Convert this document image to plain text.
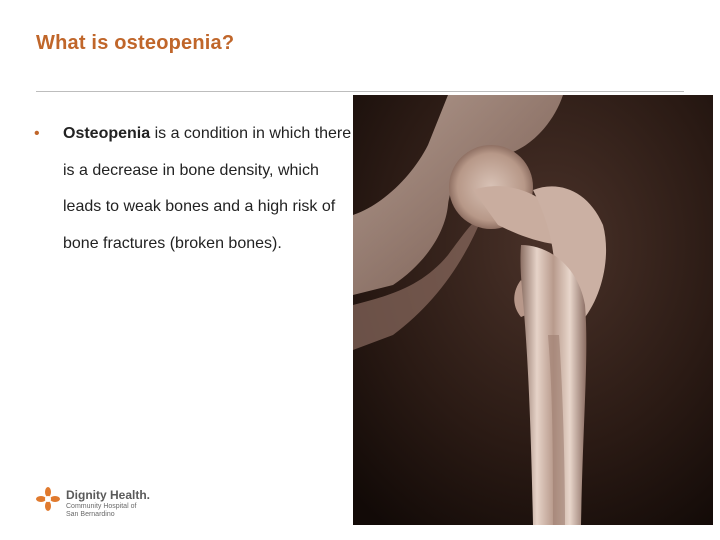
What is osteopenia?
• Osteopenia is a condition in which there is a decrease in bone density, which leads to weak bones and a high risk of bone fractures (broken bones).
Dignity Health.
Community Hospital of
San Bernardino
